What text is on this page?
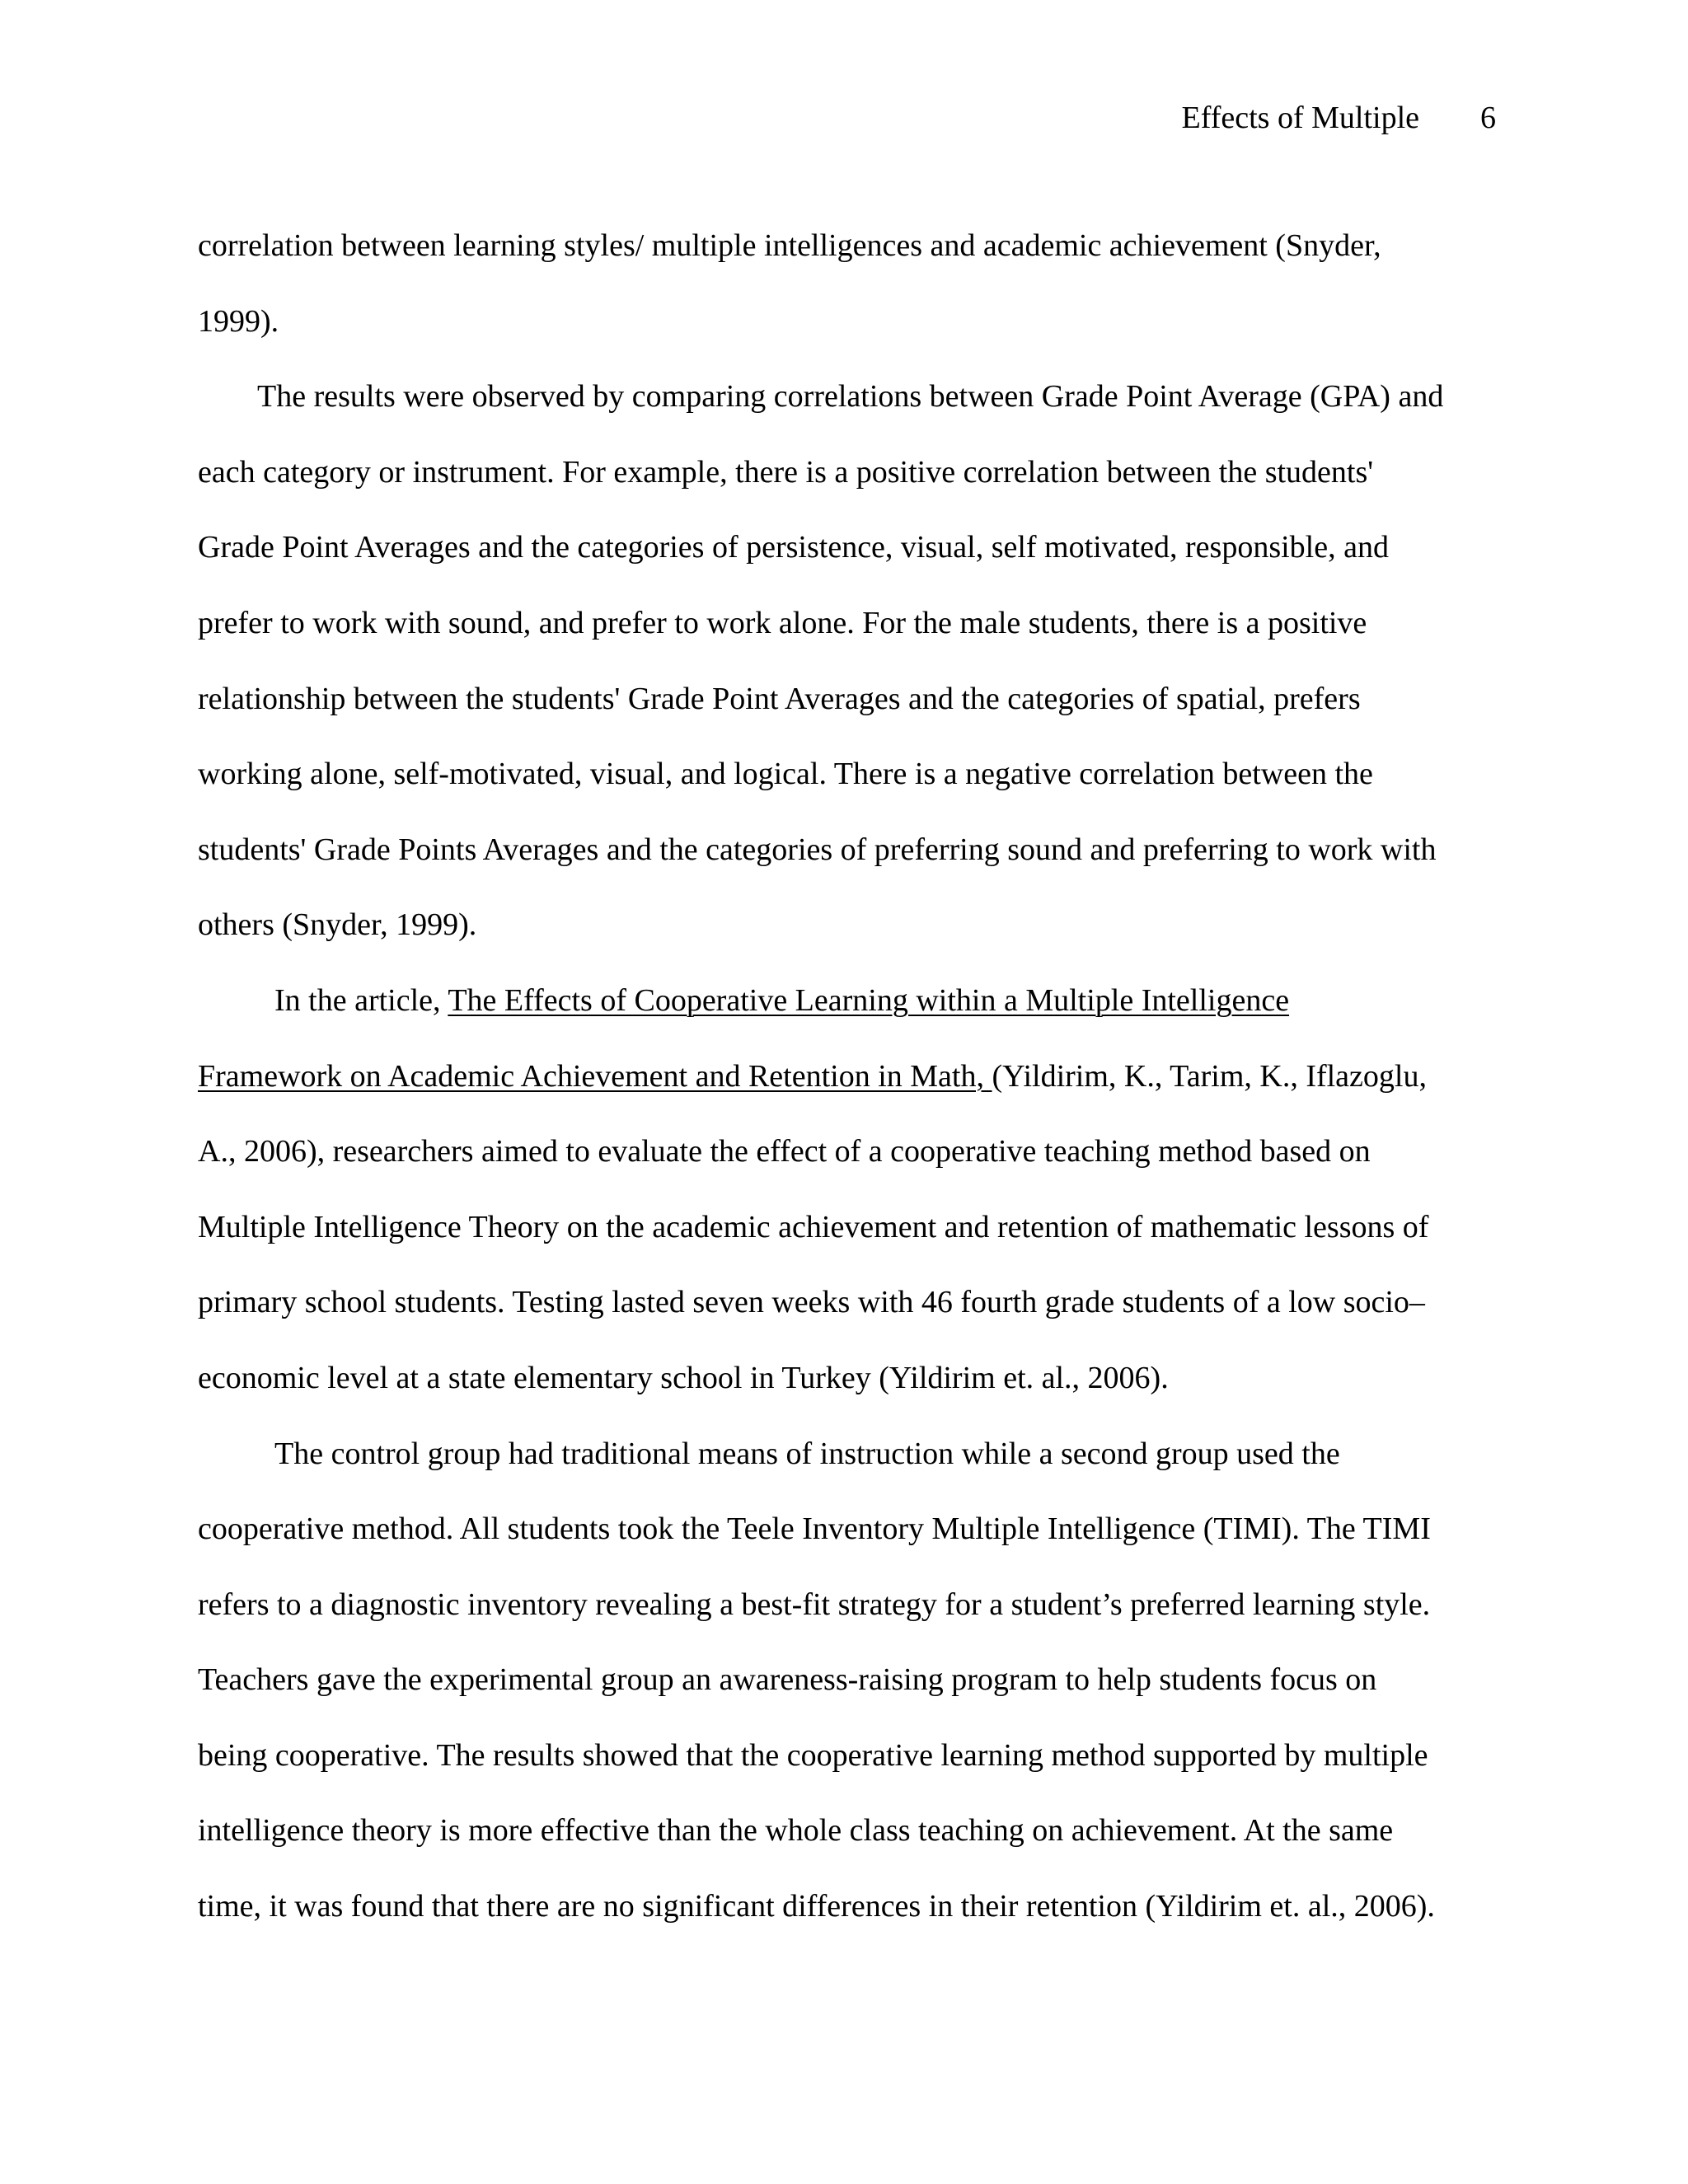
Effects of Multiple 6
correlation between learning styles/ multiple intelligences and academic achievement (Snyder,
1999).
The results were observed by comparing correlations between Grade Point Average (GPA) and
each category or instrument. For example, there is a positive correlation between the students'
Grade Point Averages and the categories of persistence, visual, self motivated, responsible, and
prefer to work with sound, and prefer to work alone. For the male students, there is a positive
relationship between the students' Grade Point Averages and the categories of spatial, prefers
working alone, self-motivated, visual, and logical. There is a negative correlation between the
students' Grade Points Averages and the categories of preferring sound and preferring to work with
others (Snyder, 1999).
In the article, The Effects of Cooperative Learning within a Multiple Intelligence
Framework on Academic Achievement and Retention in Math, (Yildirim, K., Tarim, K., Iflazoglu,
A., 2006), researchers aimed to evaluate the effect of a cooperative teaching method based on
Multiple Intelligence Theory on the academic achievement and retention of mathematic lessons of
primary school students. Testing lasted seven weeks with 46 fourth grade students of a low socio–
economic level at a state elementary school in Turkey (Yildirim et. al., 2006).
The control group had traditional means of instruction while a second group used the
cooperative method. All students took the Teele Inventory Multiple Intelligence (TIMI). The TIMI
refers to a diagnostic inventory revealing a best-fit strategy for a student’s preferred learning style.
Teachers gave the experimental group an awareness-raising program to help students focus on
being cooperative. The results showed that the cooperative learning method supported by multiple
intelligence theory is more effective than the whole class teaching on achievement. At the same
time, it was found that there are no significant differences in their retention (Yildirim et. al., 2006).
